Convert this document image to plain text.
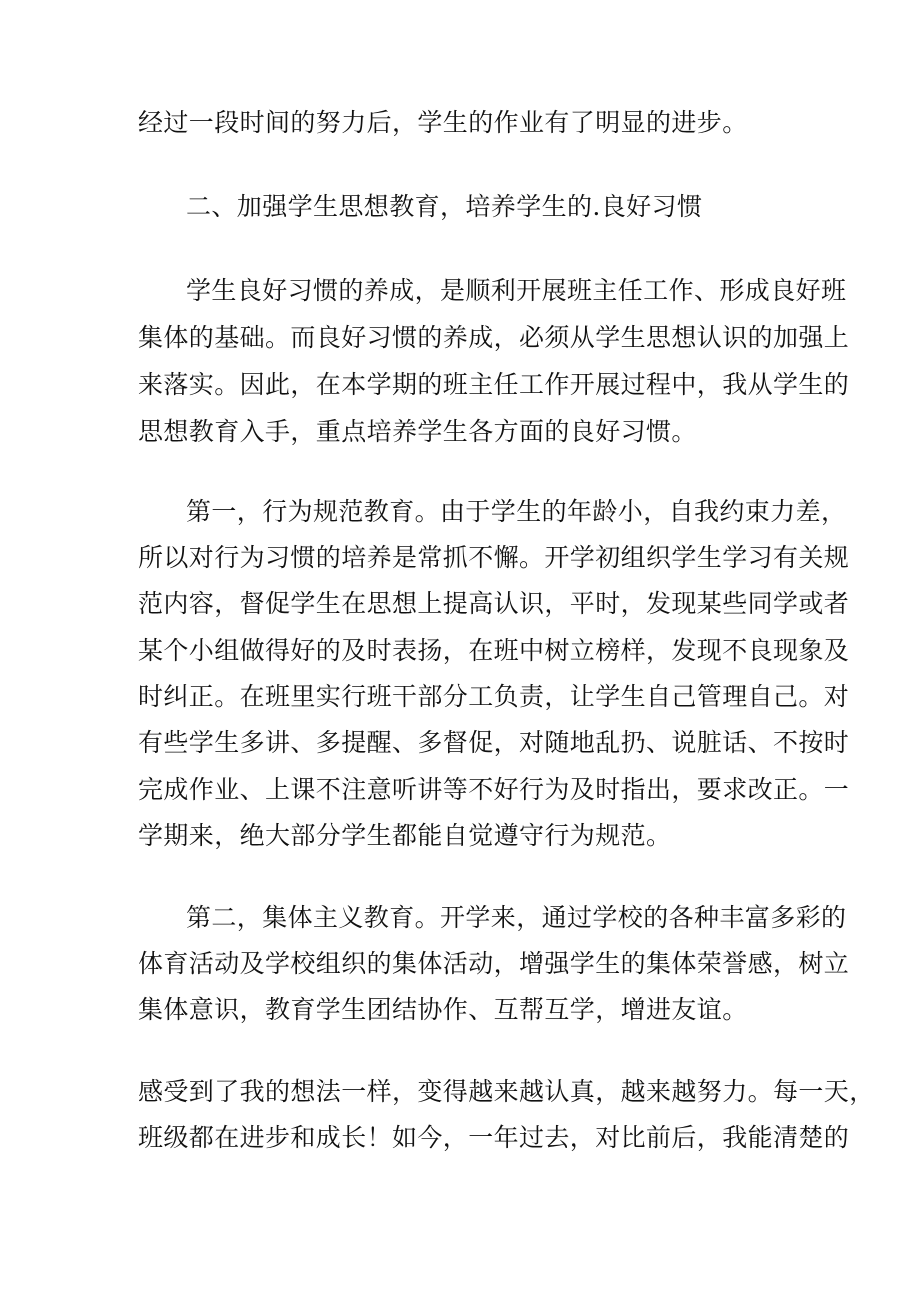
经过一段时间的努力后，学生的作业有了明显的进步。
二、加强学生思想教育，培养学生的.良好习惯
学生良好习惯的养成，是顺利开展班主任工作、形成良好班
集体的基础。而良好习惯的养成，必须从学生思想认识的加强上
来落实。因此，在本学期的班主任工作开展过程中，我从学生的
思想教育入手，重点培养学生各方面的良好习惯。
第一，行为规范教育。由于学生的年龄小，自我约束力差，
所以对行为习惯的培养是常抓不懈。开学初组织学生学习有关规
范内容，督促学生在思想上提高认识，平时，发现某些同学或者
某个小组做得好的及时表扬，在班中树立榜样，发现不良现象及
时纠正。在班里实行班干部分工负责，让学生自己管理自己。对
有些学生多讲、多提醒、多督促，对随地乱扔、说脏话、不按时
完成作业、上课不注意听讲等不好行为及时指出，要求改正。一
学期来，绝大部分学生都能自觉遵守行为规范。
第二，集体主义教育。开学来，通过学校的各种丰富多彩的
体育活动及学校组织的集体活动，增强学生的集体荣誉感，树立
集体意识，教育学生团结协作、互帮互学，增进友谊。
感受到了我的想法一样，变得越来越认真，越来越努力。每一天，
班级都在进步和成长！如今，一年过去，对比前后，我能清楚的
